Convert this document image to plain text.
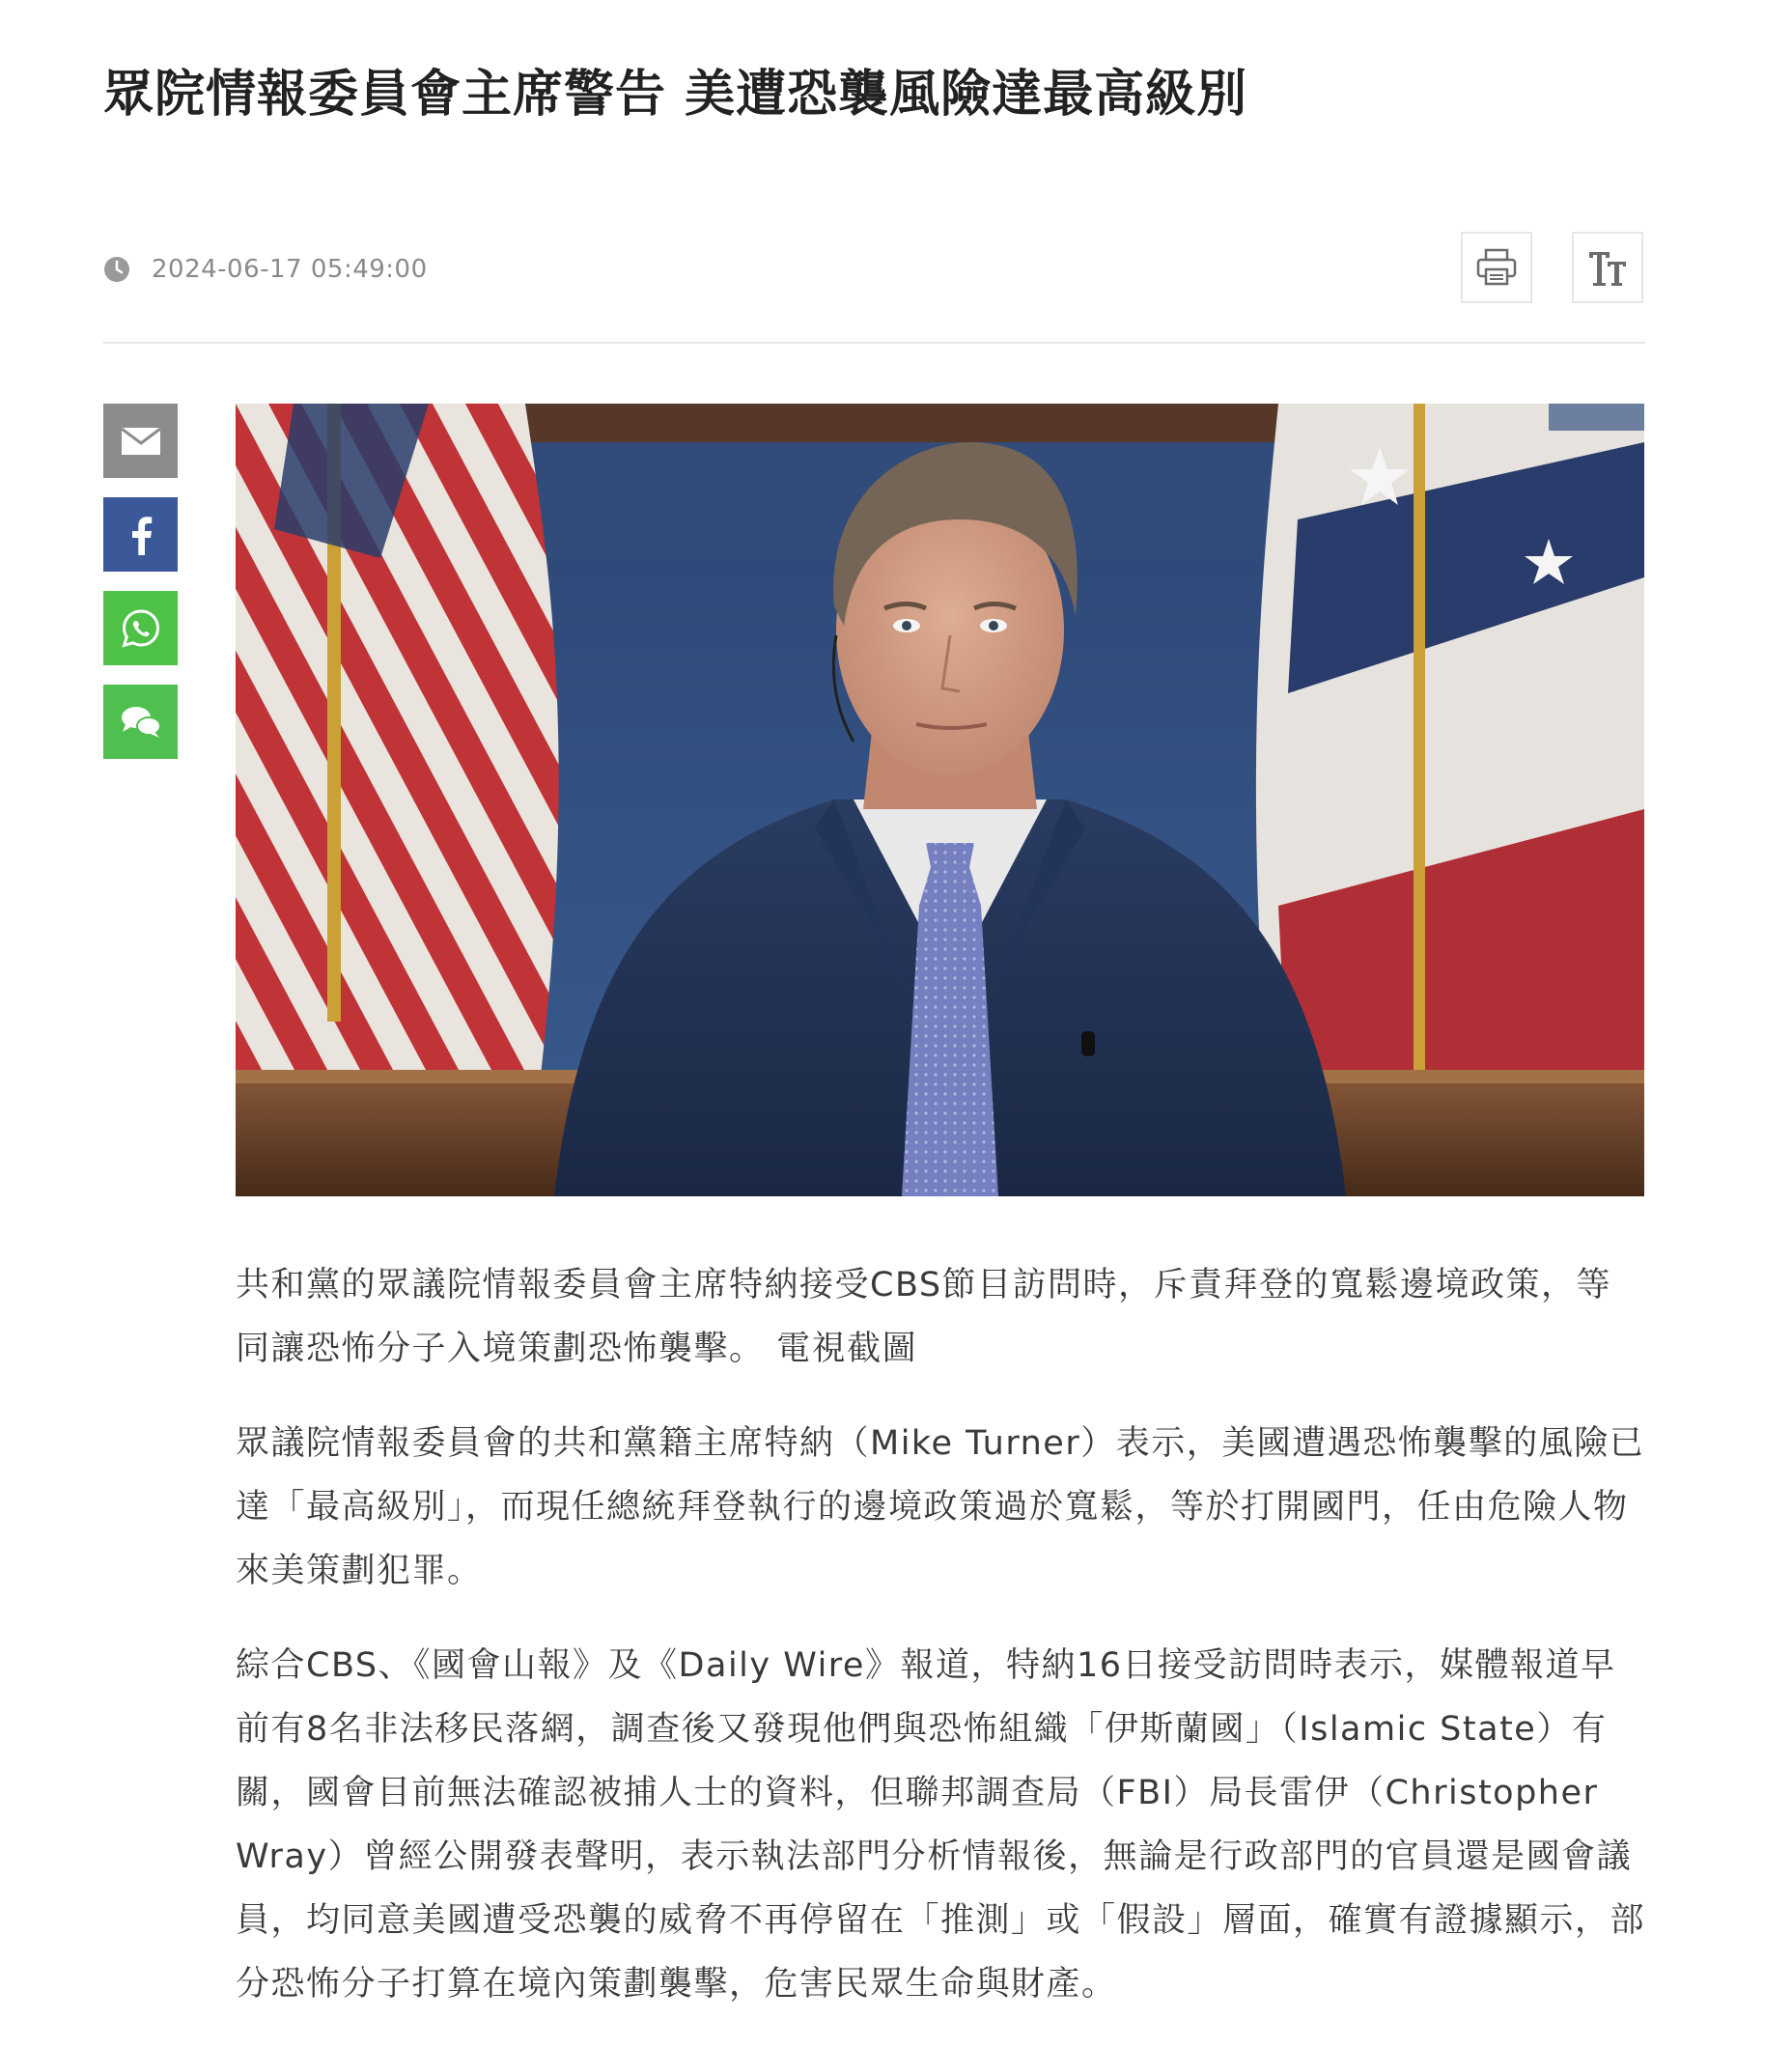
眾院情報委員會主席警告 美遭恐襲風險達最高級別
2024-06-17 05:49:00

共和黨的眾議院情報委員會主席特納接受CBS節目訪問時，斥責拜登的寬鬆邊境政策，等同讓恐怖分子入境策劃恐怖襲擊。 電視截圖

眾議院情報委員會的共和黨籍主席特納（Mike Turner）表示，美國遭遇恐怖襲擊的風險已達「最高級別」，而現任總統拜登執行的邊境政策過於寬鬆，等於打開國門，任由危險人物來美策劃犯罪。

綜合CBS、《國會山報》及《Daily Wire》報道，特納16日接受訪問時表示，媒體報道早前有8名非法移民落網，調查後又發現他們與恐怖組織「伊斯蘭國」（Islamic State）有關，國會目前無法確認被捕人士的資料，但聯邦調查局（FBI）局長雷伊（Christopher Wray）曾經公開發表聲明，表示執法部門分析情報後，無論是行政部門的官員還是國會議員，均同意美國遭受恐襲的威脅不再停留在「推測」或「假設」層面，確實有證據顯示，部分恐怖分子打算在境內策劃襲擊，危害民眾生命與財產。
